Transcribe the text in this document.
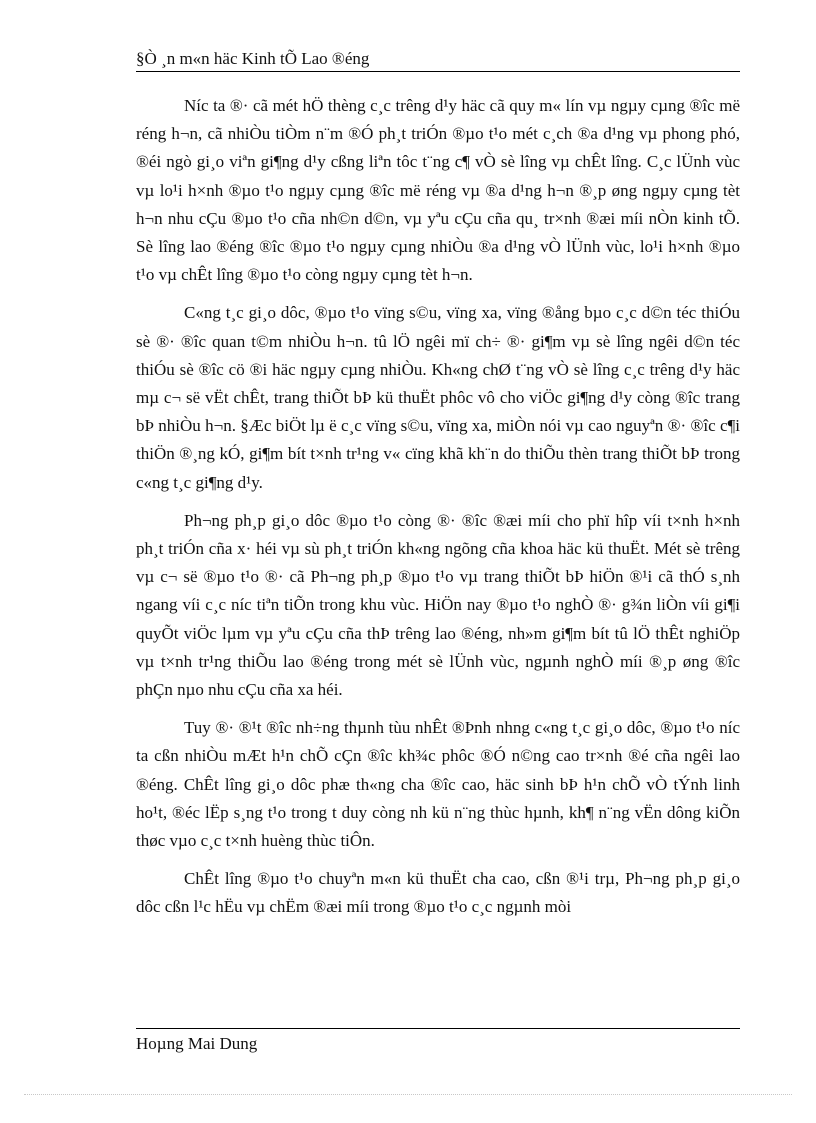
§Ò ¸n m«n häc Kinh tÕ Lao ®éng

Níc ta ®· cã mét hÖ thèng c¸c trêng d¹y häc cã quy m« lín vµ ngµy cµng ®îc më réng h¬n, cã nhiÒu tiÒm n¨m ®Ó ph¸t triÓn ®µo t¹o mét c¸ch ®a d¹ng vµ phong phó, ®éi ngò gi¸o viªn gi¶ng d¹y cßng liªn tôc t¨ng c¶ vÒ sè lîng vµ chÊt lîng. C¸c lÜnh vùc vµ lo¹i h×nh ®µo t¹o ngµy cµng ®îc më réng vµ ®a d¹ng h¬n ®¸p øng ngµy cµng tèt h¬n nhu cÇu ®µo t¹o cña nh©n d©n, vµ yªu cÇu cña qu¸ tr×nh ®æi míi nÒn kinh tÕ. Sè lîng lao ®éng ®îc ®µo t¹o ngµy cµng nhiÒu ®a d¹ng vÒ lÜnh vùc, lo¹i h×nh ®µo t¹o vµ chÊt lîng ®µo t¹o còng ngµy cµng tèt h¬n.

C«ng t¸c gi¸o dôc, ®µo t¹o vïng s©u, vïng xa, vïng ®ång bµo c¸c d©n téc thiÓu sè ®· ®îc quan t©m nhiÒu h¬n. tû lÖ ngêi mï ch÷ ®· gi¶m vµ sè lîng ngêi d©n téc thiÓu sè ®îc cö ®i häc ngµy cµng nhiÒu. Kh«ng chØ t¨ng vÒ sè lîng c¸c trêng d¹y häc mµ c¬ së vËt chÊt, trang thiÕt bÞ kü thuËt phôc vô cho viÖc gi¶ng d¹y còng ®îc trang bÞ nhiÒu h¬n. §Æc biÖt lµ ë c¸c vïng s©u, vïng xa, miÒn nói vµ cao nguyªn ®· ®îc c¶i thiÖn ®¸ng kÓ, gi¶m bít t×nh tr¹ng v« cïng khã kh¨n do thiÕu thèn trang thiÕt bÞ trong c«ng t¸c gi¶ng d¹y.

Ph¬ng ph¸p gi¸o dôc ®µo t¹o còng ®· ®îc ®æi míi cho phï hîp víi t×nh h×nh ph¸t triÓn cña x· héi vµ sù ph¸t triÓn kh«ng ngõng cña khoa häc kü thuËt. Mét sè trêng vµ c¬ së ®µo t¹o ®· cã Ph¬ng ph¸p ®µo t¹o vµ trang thiÕt bÞ hiÖn ®¹i cã thÓ s¸nh ngang víi c¸c níc tiªn tiÕn trong khu vùc. HiÖn nay ®µo t¹o nghÒ ®· g¾n liÒn víi gi¶i quyÕt viÖc lµm vµ yªu cÇu cña thÞ trêng lao ®éng, nh»m gi¶m bít tû lÖ thÊt nghiÖp vµ t×nh tr¹ng thiÕu lao ®éng trong mét sè lÜnh vùc, ngµnh nghÒ míi ®¸p øng ®îc phÇn nµo nhu cÇu cña xa héi.

Tuy ®· ®¹t ®îc nh÷ng thµnh tùu nhÊt ®Þnh nhng c«ng t¸c gi¸o dôc, ®µo t¹o níc ta cßn nhiÒu mÆt h¹n chÕ cÇn ®îc kh¾c phôc ®Ó n©ng cao tr×nh ®é cña ngêi lao ®éng. ChÊt lîng gi¸o dôc phæ th«ng cha ®îc cao, häc sinh bÞ h¹n chÕ vÒ tÝnh linh ho¹t, ®éc lËp s¸ng t¹o trong t duy còng nh kü n¨ng thùc hµnh, kh¶ n¨ng vËn dông kiÕn thøc vµo c¸c t×nh huèng thùc tiÔn.

ChÊt lîng ®µo t¹o chuyªn m«n kü thuËt cha cao, cßn ®¹i trµ, Ph¬ng ph¸p gi¸o dôc cßn l¹c hËu vµ chËm ®æi míi trong ®µo t¹o c¸c ngµnh mòi

Hoµng Mai Dung
